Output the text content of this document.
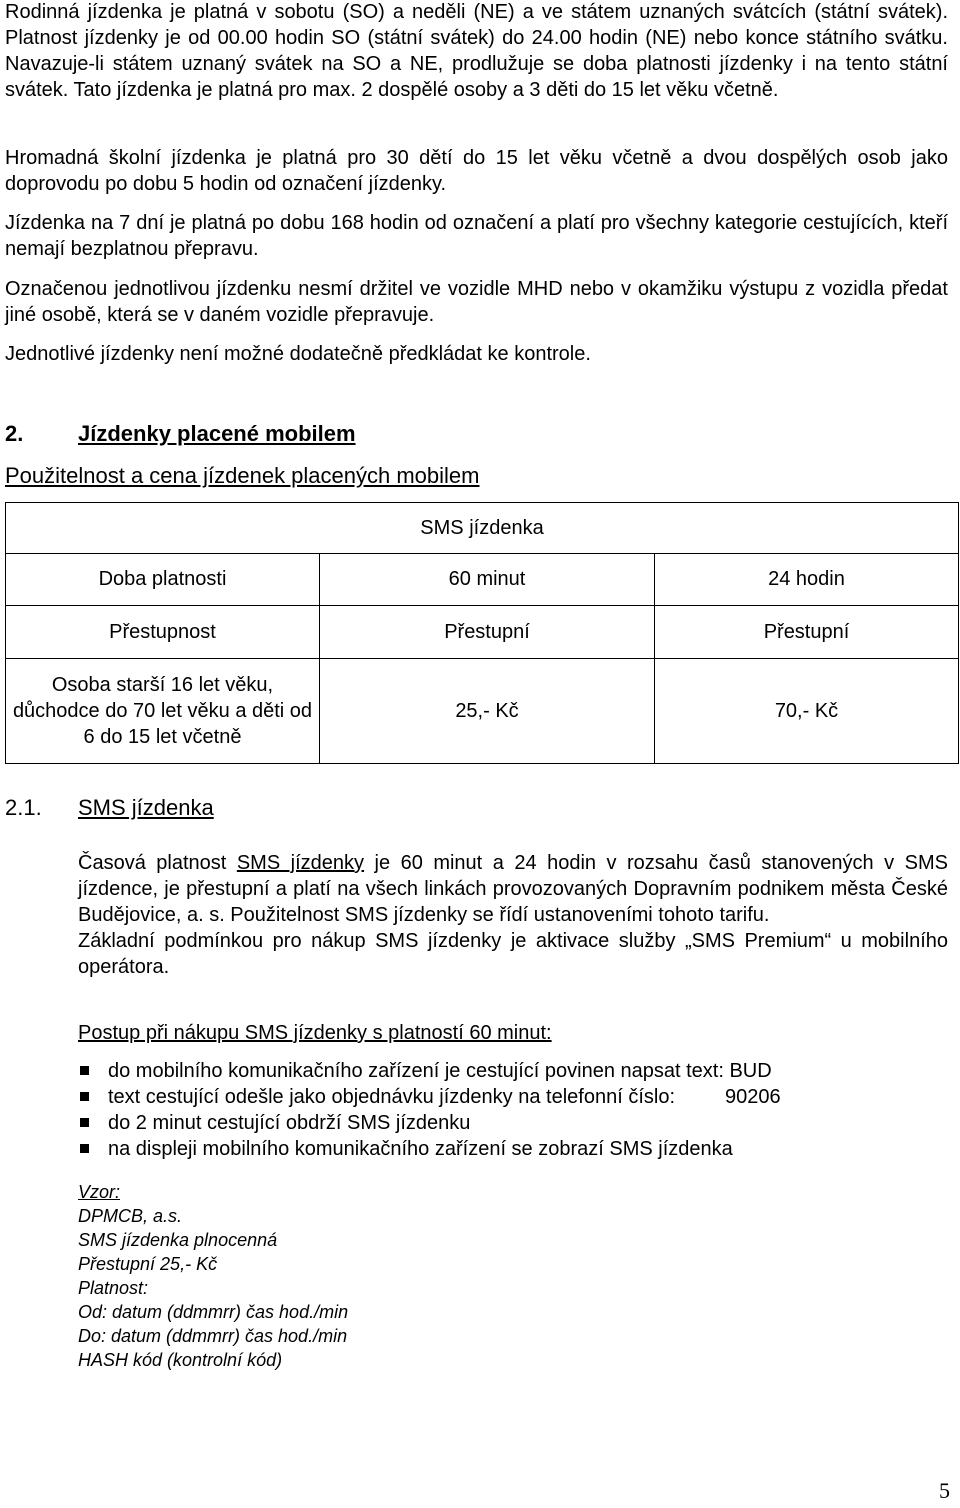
Rodinná jízdenka je platná v sobotu (SO) a neděli (NE) a ve státem uznaných svátcích (státní svátek). Platnost jízdenky je od 00.00 hodin SO (státní svátek) do 24.00 hodin (NE) nebo konce státního svátku. Navazuje-li státem uznaný svátek na SO a NE, prodlužuje se doba platnosti jízdenky i na tento státní svátek. Tato jízdenka je platná pro max. 2 dospělé osoby a 3 děti do 15 let věku včetně.

Hromadná školní jízdenka je platná pro 30 dětí do 15 let věku včetně a dvou dospělých osob jako doprovodu po dobu 5 hodin od označení jízdenky.

Jízdenka na 7 dní je platná po dobu 168 hodin od označení a platí pro všechny kategorie cestujících, kteří nemají bezplatnou přepravu.

Označenou jednotlivou jízdenku nesmí držitel ve vozidle MHD nebo v okamžiku výstupu z vozidla předat jiné osobě, která se v daném vozidle přepravuje.

Jednotlivé jízdenky není možné dodatečně předkládat ke kontrole.

2. Jízdenky placené mobilem
Použitelnost a cena jízdenek placených mobilem
SMS jízdenka		
Doba platnosti	60 minut	24 hodin
Přestupnost	Přestupní	Přestupní
Osoba starší 16 let věku, důchodce do 70 let věku a děti od 6 do 15 let včetně	25,- Kč	70,- Kč
2.1. SMS jízdenka
Časová platnost SMS jízdenky je 60 minut a 24 hodin v rozsahu časů stanovených v SMS jízdence, je přestupní a platí na všech linkách provozovaných Dopravním podnikem města České Budějovice, a. s. Použitelnost SMS jízdenky se řídí ustanoveními tohoto tarifu.
Základní podmínkou pro nákup SMS jízdenky je aktivace služby „SMS Premium“ u mobilního operátora.
Postup při nákupu SMS jízdenky s platností 60 minut:
do mobilního komunikačního zařízení je cestující povinen napsat text: BUD
text cestující odešle jako objednávku jízdenky na telefonní číslo:	90206
do 2 minut cestující obdrží SMS jízdenku
na displeji mobilního komunikačního zařízení se zobrazí SMS jízdenka
Vzor:
DPMCB, a.s.
SMS jízdenka plnocenná
Přestupní 25,- Kč
Platnost:
Od: datum (ddmmrr) čas hod./min
Do: datum (ddmmrr) čas hod./min
HASH kód (kontrolní kód)
5
